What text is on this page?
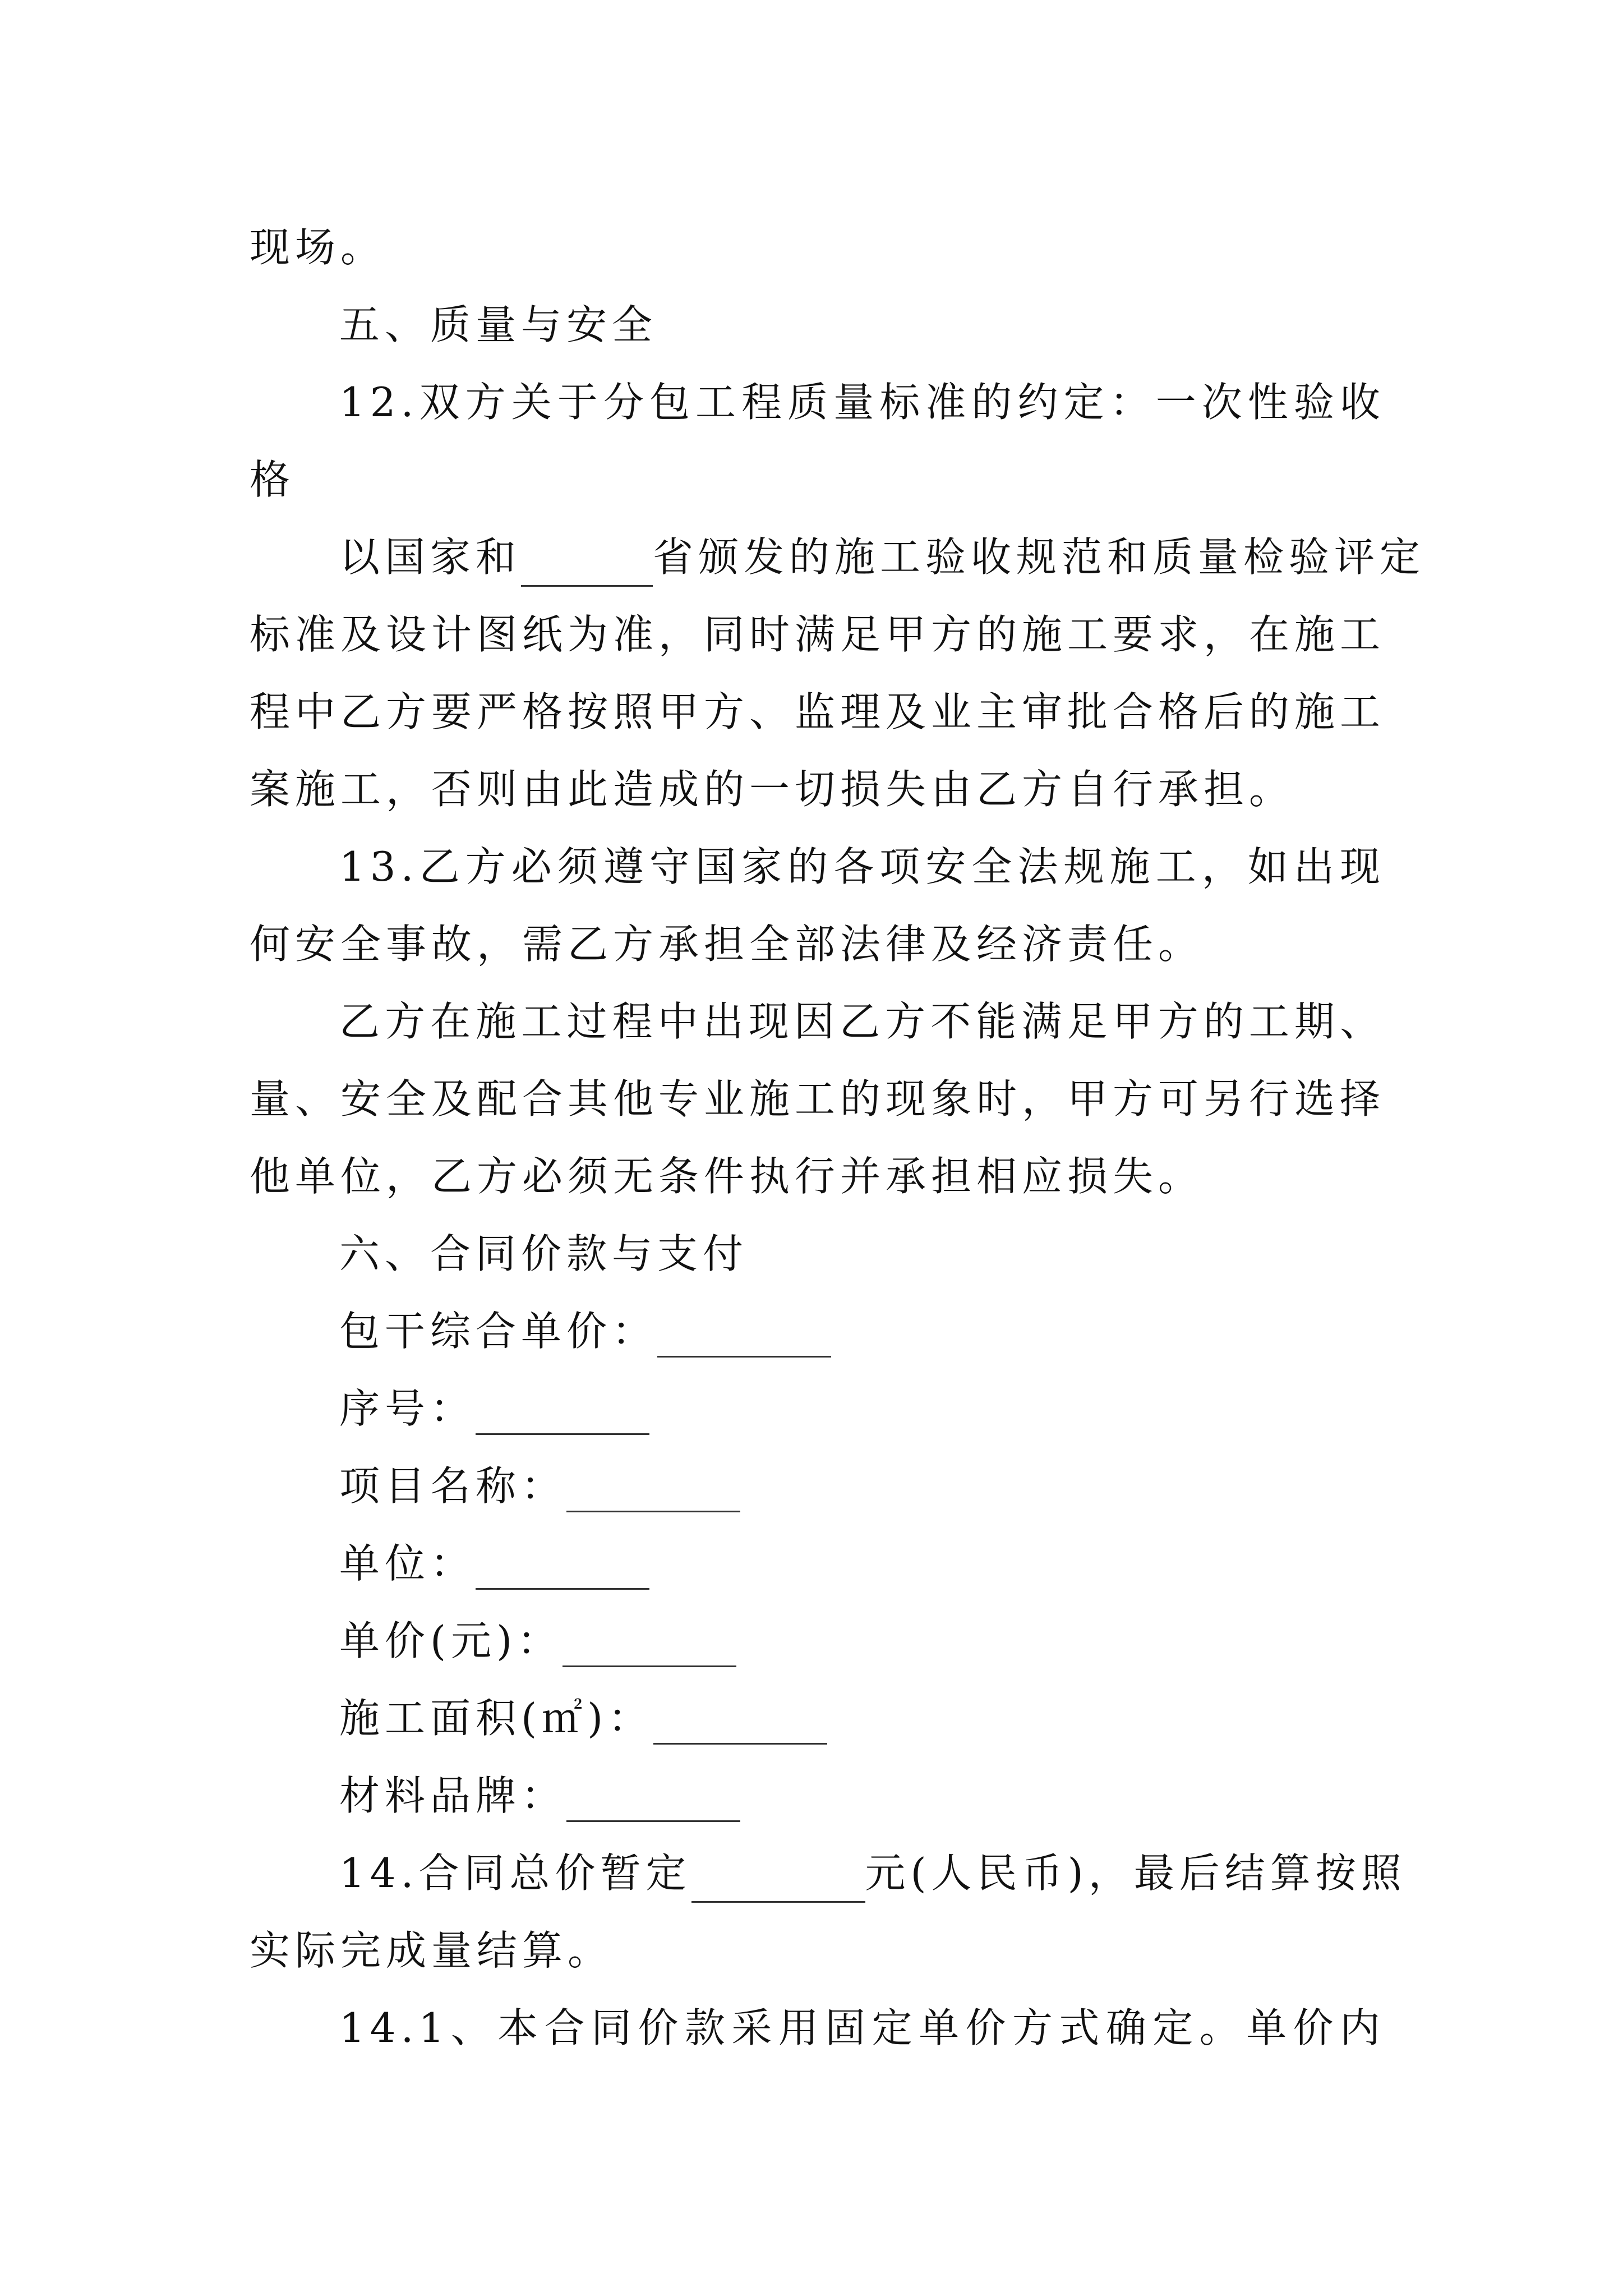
现场。
五、质量与安全
12.双方关于分包工程质量标准的约定：一次性验收
格
以国家和	省颁发的施工验收规范和质量检验评定
标准及设计图纸为准，同时满足甲方的施工要求，在施工
程中乙方要严格按照甲方、监理及业主审批合格后的施工
案施工，否则由此造成的一切损失由乙方自行承担。
13.乙方必须遵守国家的各项安全法规施工，如出现
何安全事故，需乙方承担全部法律及经济责任。
乙方在施工过程中出现因乙方不能满足甲方的工期、
量、安全及配合其他专业施工的现象时，甲方可另行选择
他单位，乙方必须无条件执行并承担相应损失。
六、合同价款与支付
包干综合单价：
序号：
项目名称：
单位：
单价(元)：
施工面积(㎡)：
材料品牌：
14.合同总价暂定	元(人民币)，最后结算按照
实际完成量结算。
14.1、本合同价款采用固定单价方式确定。单价内
